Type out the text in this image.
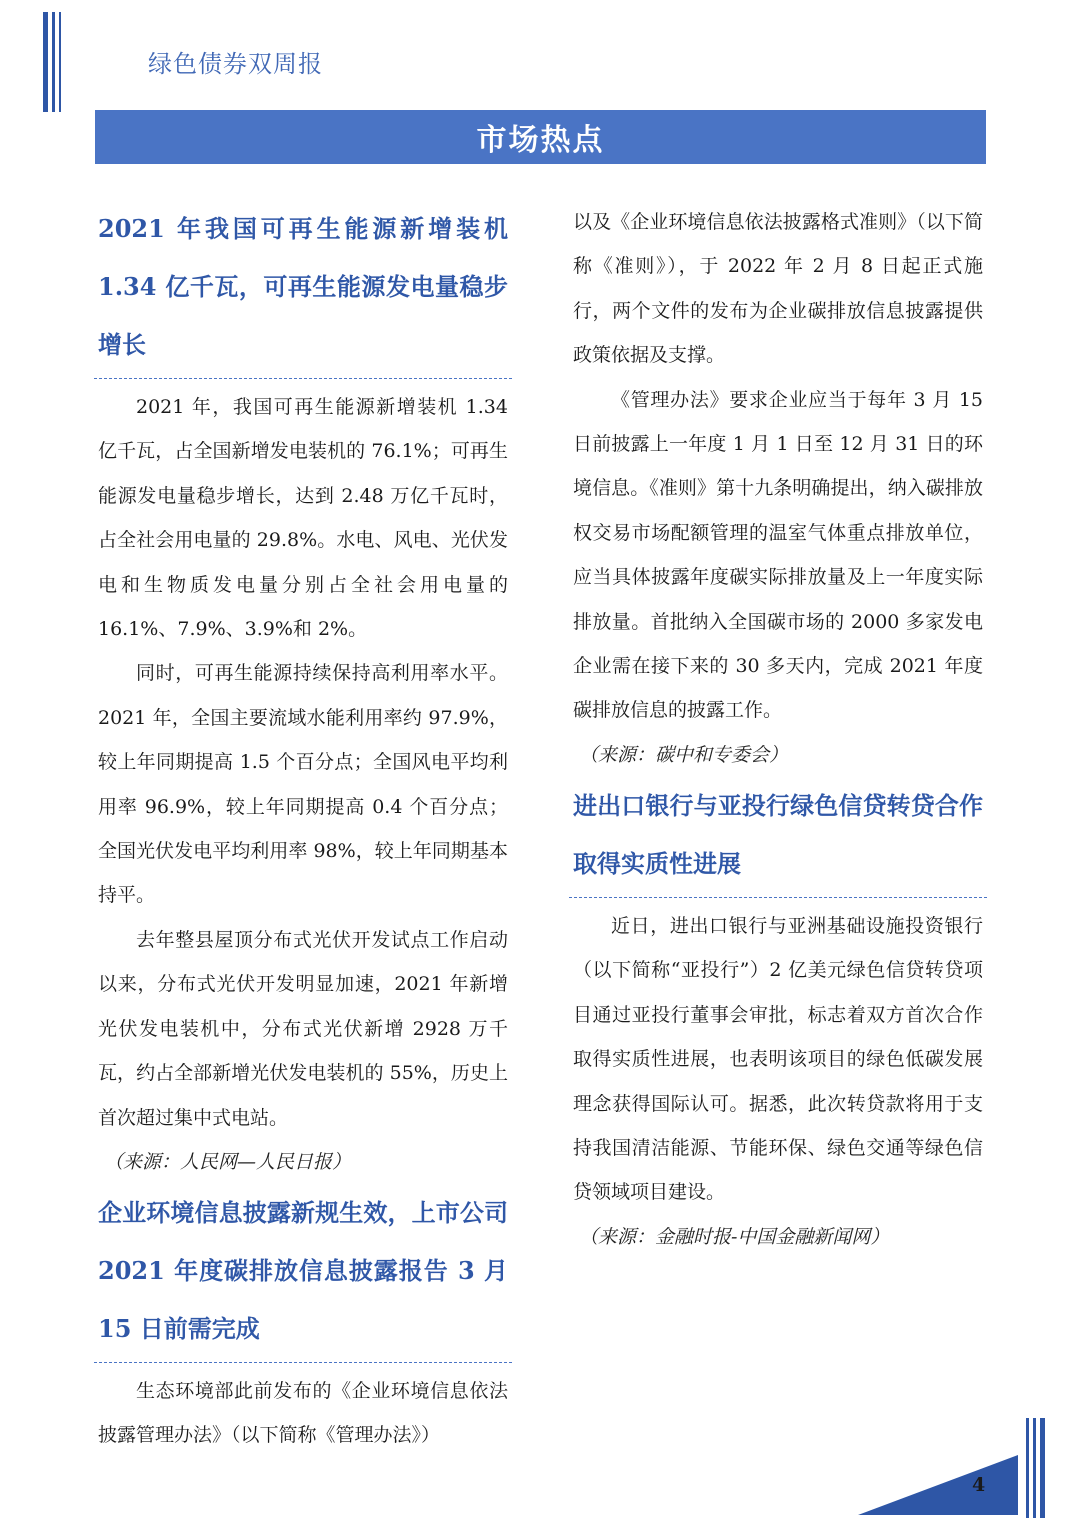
绿色债券双周报
市场热点
2021 年我国可再生能源新增装机 1.34 亿千瓦，可再生能源发电量稳步增长

2021 年，我国可再生能源新增装机 1.34 亿千瓦，占全国新增发电装机的 76.1%；可再生能源发电量稳步增长，达到 2.48 万亿千瓦时，占全社会用电量的 29.8%。水电、风电、光伏发电和生物质发电量分别占全社会用电量的 16.1%、7.9%、3.9%和 2%。

同时，可再生能源持续保持高利用率水平。2021 年，全国主要流域水能利用率约 97.9%，较上年同期提高 1.5 个百分点；全国风电平均利用率 96.9%，较上年同期提高 0.4 个百分点；全国光伏发电平均利用率 98%，较上年同期基本持平。

去年整县屋顶分布式光伏开发试点工作启动以来，分布式光伏开发明显加速，2021 年新增光伏发电装机中，分布式光伏新增 2928 万千瓦，约占全部新增光伏发电装机的 55%，历史上首次超过集中式电站。

（来源：人民网—人民日报）

企业环境信息披露新规生效，上市公司 2021 年度碳排放信息披露报告 3 月 15 日前需完成

生态环境部此前发布的《企业环境信息依法披露管理办法》（以下简称《管理办法》）

以及《企业环境信息依法披露格式准则》（以下简称《准则》），于 2022 年 2 月 8 日起正式施行，两个文件的发布为企业碳排放信息披露提供政策依据及支撑。

《管理办法》要求企业应当于每年 3 月 15 日前披露上一年度 1 月 1 日至 12 月 31 日的环境信息。《准则》第十九条明确提出，纳入碳排放权交易市场配额管理的温室气体重点排放单位，应当具体披露年度碳实际排放量及上一年度实际排放量。首批纳入全国碳市场的 2000 多家发电企业需在接下来的 30 多天内，完成 2021 年度碳排放信息的披露工作。

（来源：碳中和专委会）

进出口银行与亚投行绿色信贷转贷合作取得实质性进展

近日，进出口银行与亚洲基础设施投资银行（以下简称“亚投行”）2 亿美元绿色信贷转贷项目通过亚投行董事会审批，标志着双方首次合作取得实质性进展，也表明该项目的绿色低碳发展理念获得国际认可。据悉，此次转贷款将用于支持我国清洁能源、节能环保、绿色交通等绿色信贷领域项目建设。

（来源：金融时报-中国金融新闻网）

4
